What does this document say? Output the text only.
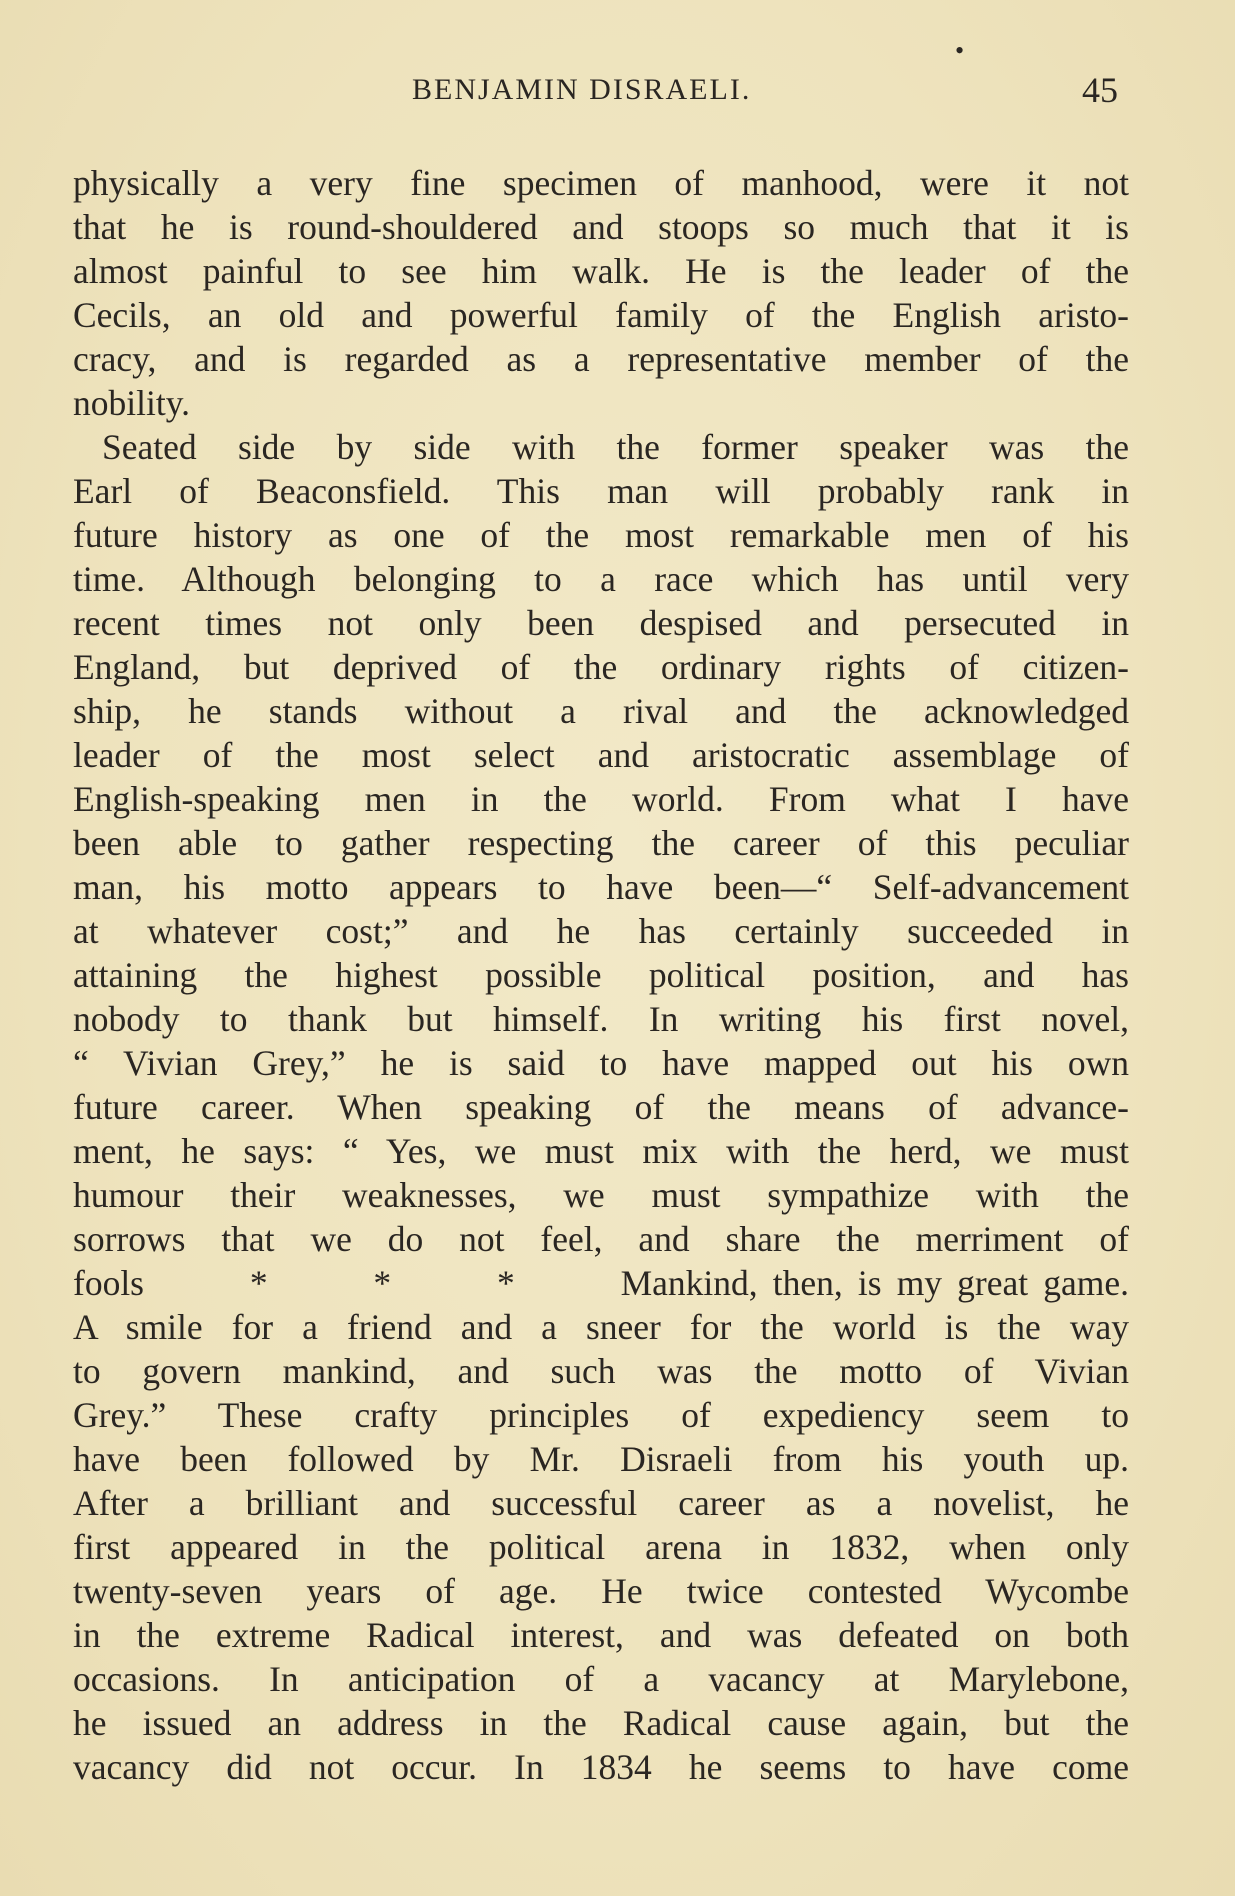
•
BENJAMIN DISRAELI.	45
physically a very fine specimen of manhood, were it not
that he is round-shouldered and stoops so much that it is
almost painful to see him walk. He is the leader of the
Cecils, an old and powerful family of the English aristo-
cracy, and is regarded as a representative member of the
nobility.
Seated side by side with the former speaker was the
Earl of Beaconsfield. This man will probably rank in
future history as one of the most remarkable men of his
time. Although belonging to a race which has until very
recent times not only been despised and persecuted in
England, but deprived of the ordinary rights of citizen-
ship, he stands without a rival and the acknowledged
leader of the most select and aristocratic assemblage of
English-speaking men in the world. From what I have
been able to gather respecting the career of this peculiar
man, his motto appears to have been—“ Self-advancement
at whatever cost;” and he has certainly succeeded in
attaining the highest possible political position, and has
nobody to thank but himself. In writing his first novel,
“ Vivian Grey,” he is said to have mapped out his own
future career. When speaking of the means of advance-
ment, he says: “ Yes, we must mix with the herd, we must
humour their weaknesses, we must sympathize with the
sorrows that we do not feel, and share the merriment of
fools       *       *       *       Mankind, then, is my great game.
A smile for a friend and a sneer for the world is the way
to govern mankind, and such was the motto of Vivian
Grey.” These crafty principles of expediency seem to
have been followed by Mr. Disraeli from his youth up.
After a brilliant and successful career as a novelist, he
first appeared in the political arena in 1832, when only
twenty-seven years of age. He twice contested Wycombe
in the extreme Radical interest, and was defeated on both
occasions. In anticipation of a vacancy at Marylebone,
he issued an address in the Radical cause again, but the
vacancy did not occur. In 1834 he seems to have come
